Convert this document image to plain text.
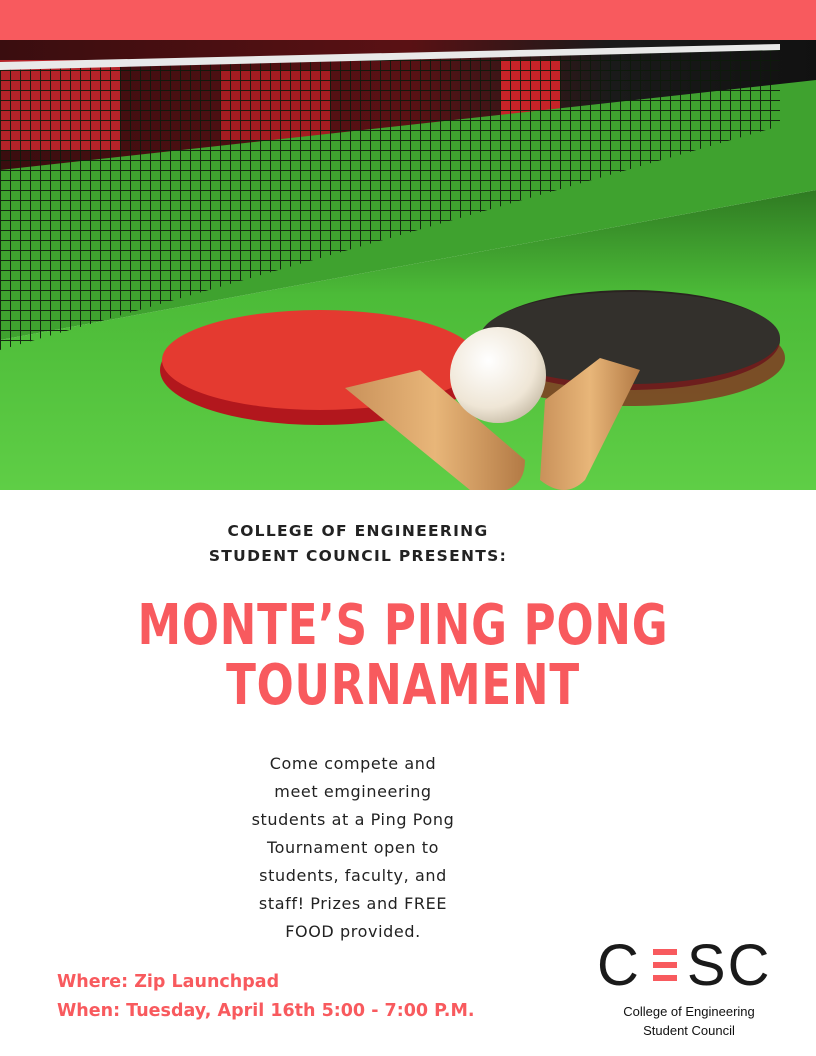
COLLEGE OF ENGINEERING
STUDENT COUNCIL PRESENTS:
MONTE’S PING PONG
TOURNAMENT
Come compete and
meet emgineering
students at a Ping Pong
Tournament open to
students, faculty, and
staff! Prizes and FREE
FOOD provided.
Where: Zip Launchpad
When: Tuesday, April 16th 5:00 - 7:00 P.M.
C SC
College of Engineering
Student Council
